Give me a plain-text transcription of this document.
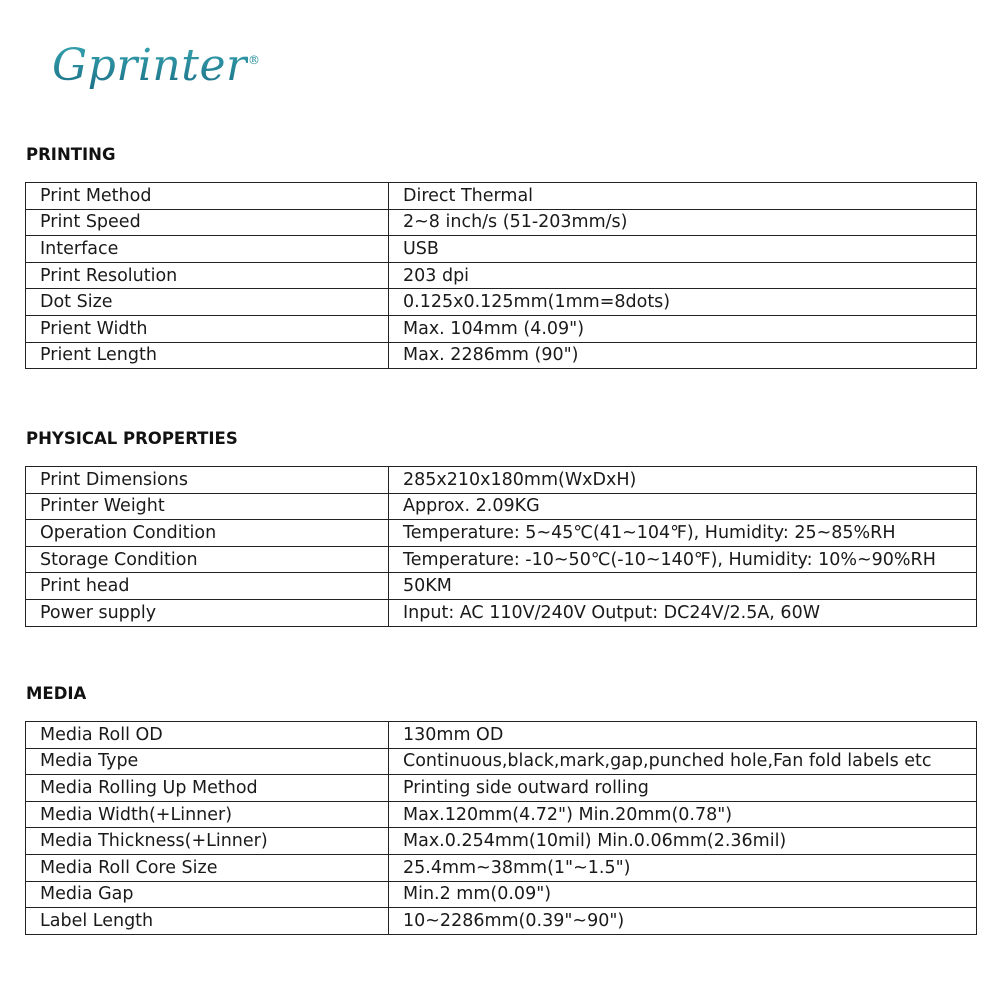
Gprinter ®
PRINTING
Print Method	Direct Thermal
Print Speed	2~8 inch/s (51-203mm/s)
Interface	USB
Print Resolution	203 dpi
Dot Size	0.125x0.125mm(1mm=8dots)
Prient Width	Max. 104mm (4.09")
Prient Length	Max. 2286mm (90")
PHYSICAL PROPERTIES
Print Dimensions	285x210x180mm(WxDxH)
Printer Weight	Approx. 2.09KG
Operation Condition	Temperature: 5~45℃(41~104℉), Humidity: 25~85%RH
Storage Condition	Temperature: -10~50℃(-10~140℉), Humidity: 10%~90%RH
Print head	50KM
Power supply	Input: AC 110V/240V Output: DC24V/2.5A, 60W
MEDIA
Media Roll OD	130mm OD
Media Type	Continuous,black,mark,gap,punched hole,Fan fold labels etc
Media Rolling Up Method	Printing side outward rolling
Media Width(+Linner)	Max.120mm(4.72") Min.20mm(0.78")
Media Thickness(+Linner)	Max.0.254mm(10mil) Min.0.06mm(2.36mil)
Media Roll Core Size	25.4mm~38mm(1"~1.5")
Media Gap	Min.2 mm(0.09")
Label Length	10~2286mm(0.39"~90")
